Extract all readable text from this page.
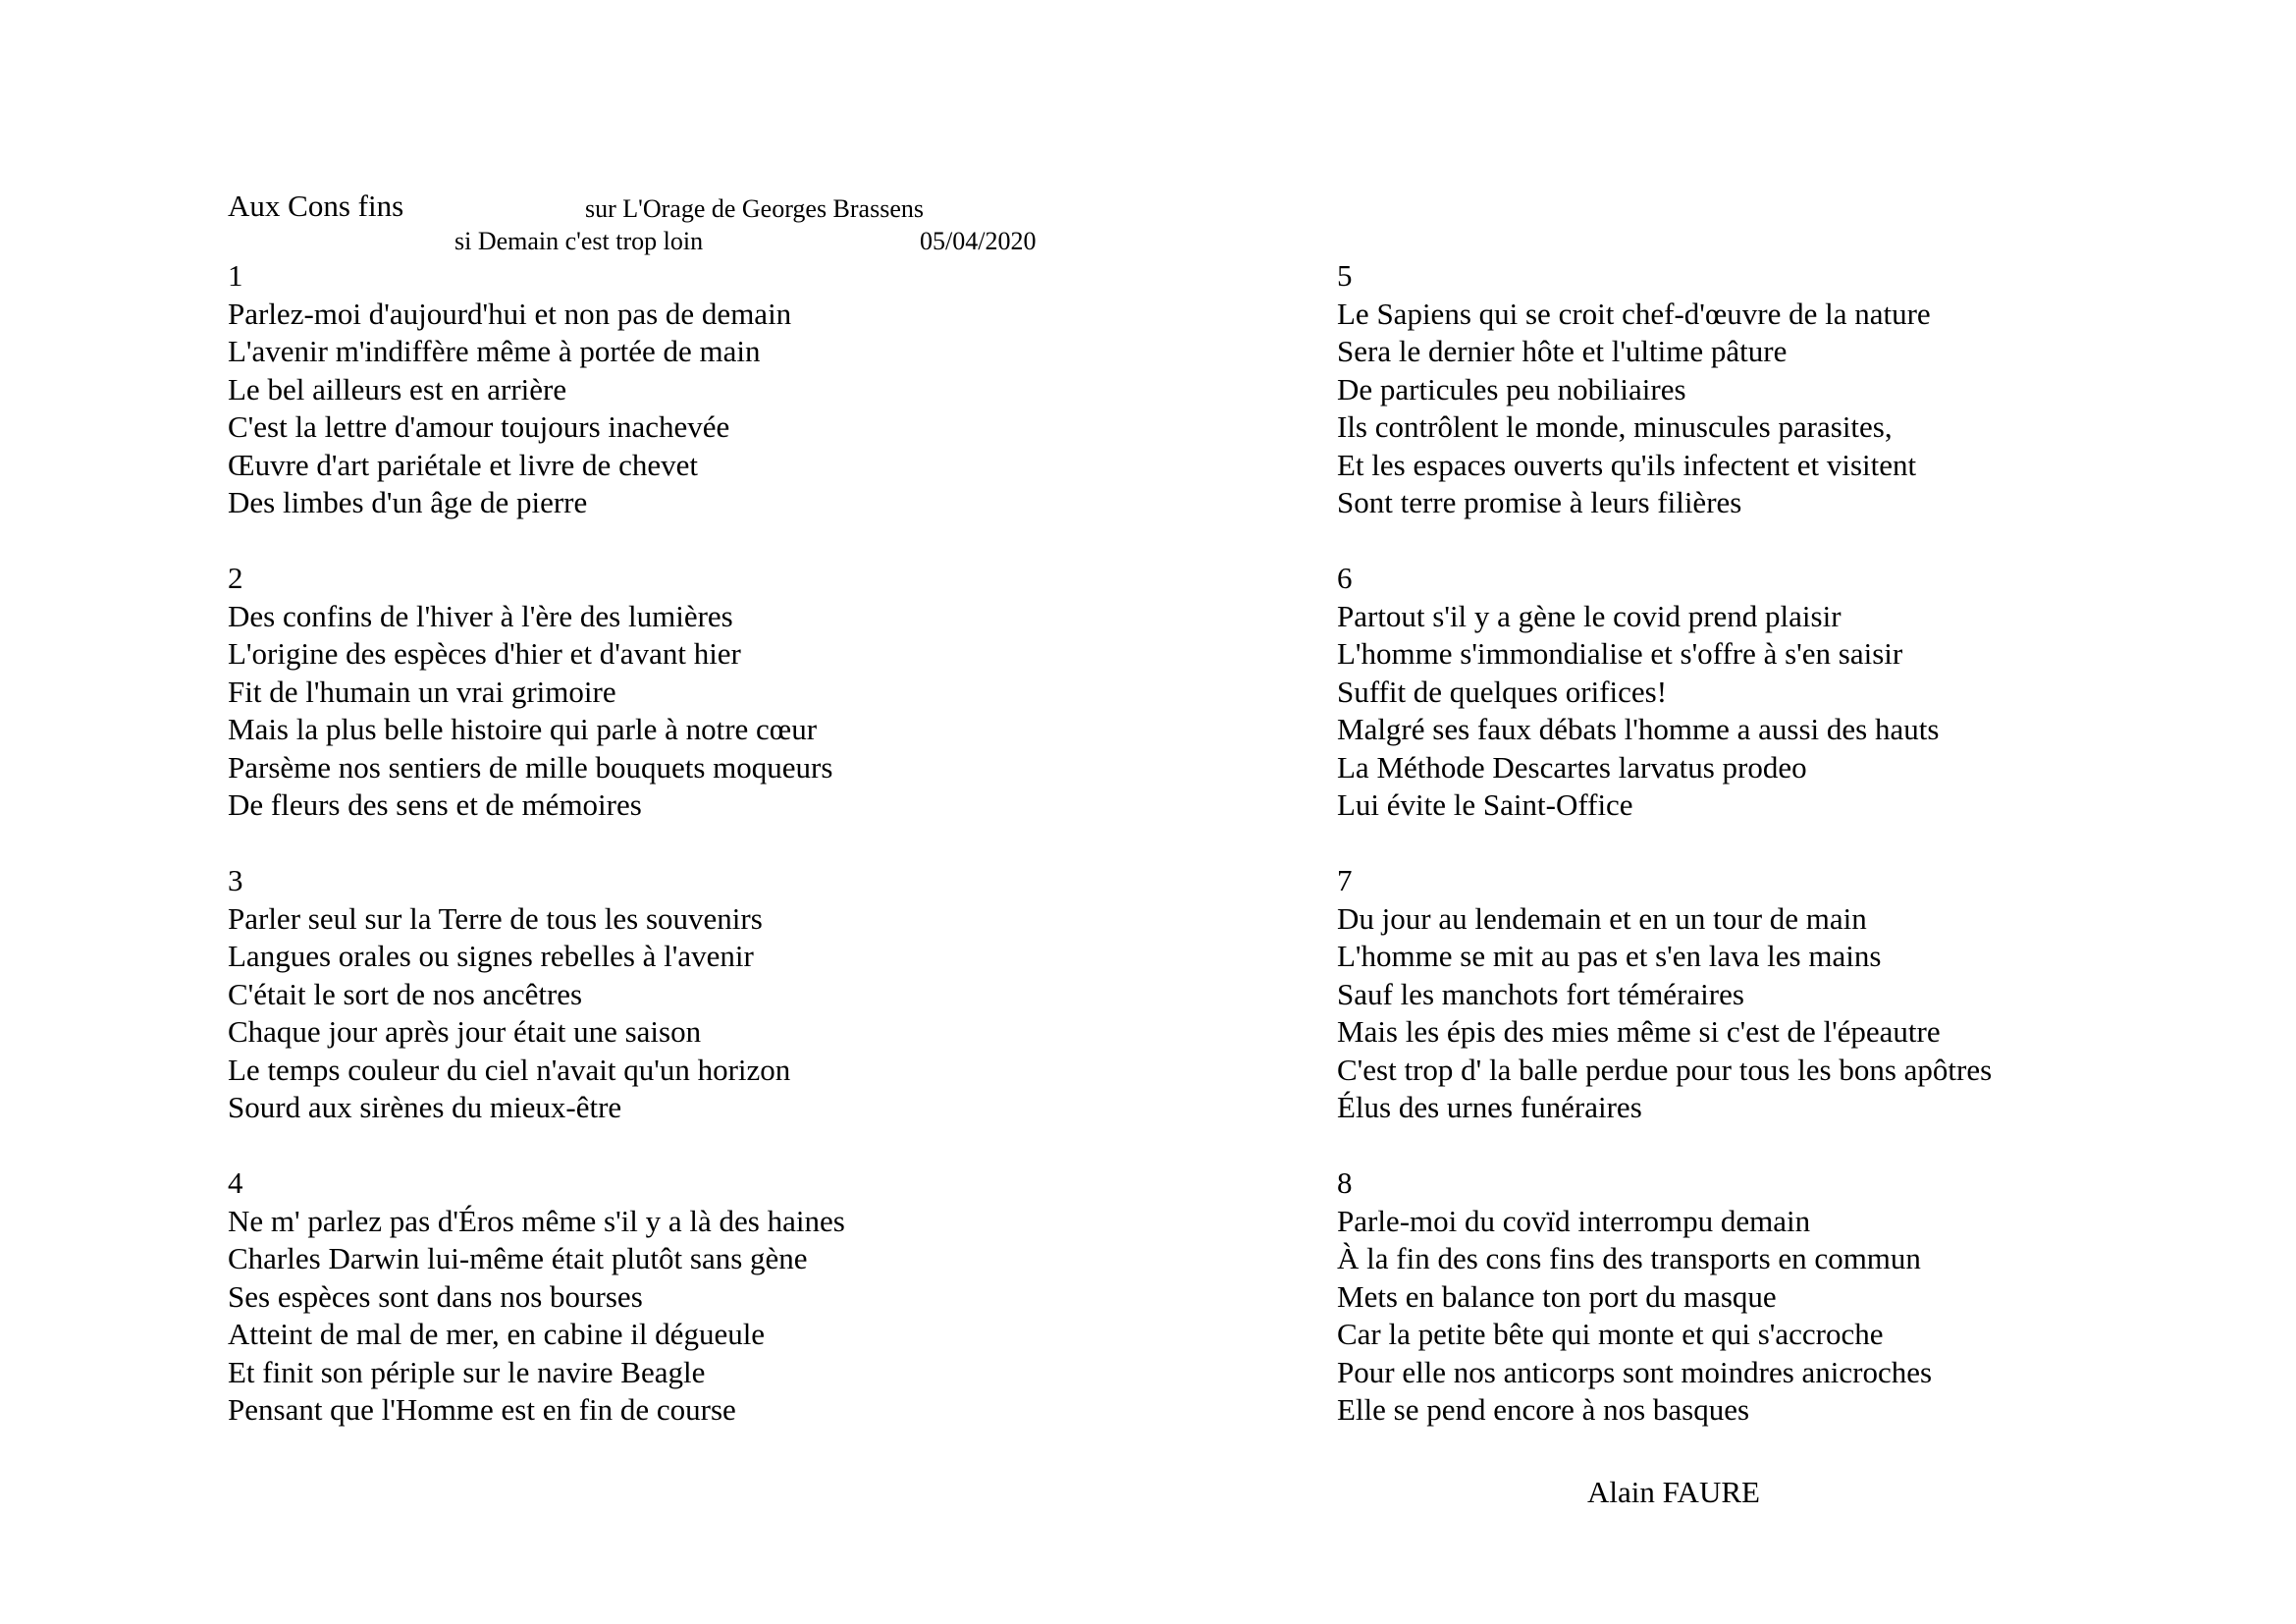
Aux Cons fins	sur L'Orage de Georges Brassens
si Demain c'est trop loin	05/04/2020
1
Parlez-moi d'aujourd'hui et non pas de demain
L'avenir m'indiffère même à portée de main
Le bel ailleurs est en arrière
C'est la lettre d'amour toujours inachevée
Œuvre d'art pariétale et livre de chevet
Des limbes d'un âge de pierre
2
Des confins de l'hiver à l'ère des lumières
L'origine des espèces d'hier et d'avant hier
Fit de l'humain un vrai grimoire
Mais la plus belle histoire qui parle à notre cœur
Parsème nos sentiers de mille bouquets moqueurs
De fleurs des sens et de mémoires
3
Parler seul sur la Terre de tous les souvenirs
Langues orales ou signes rebelles à l'avenir
C'était le sort de nos ancêtres
Chaque jour après jour était une saison
Le temps couleur du ciel n'avait qu'un horizon
Sourd aux sirènes du mieux-être
4
Ne m' parlez pas d'Éros même s'il y a là des haines
Charles Darwin lui-même était plutôt sans gène
Ses espèces sont dans nos bourses
Atteint de mal de mer, en cabine il dégueule
Et finit son périple sur le navire Beagle
Pensant que l'Homme est en fin de course
5
Le Sapiens qui se croit chef-d'œuvre de la nature
Sera le dernier hôte et l'ultime pâture
De particules peu nobiliaires
Ils contrôlent le monde, minuscules parasites,
Et les espaces ouverts qu'ils infectent et visitent
Sont terre promise à leurs filières
6
Partout s'il y a gène le covid prend plaisir
L'homme s'immondialise et s'offre à s'en saisir
Suffit de quelques orifices!
Malgré ses faux débats l'homme a aussi des hauts
La Méthode Descartes larvatus prodeo
Lui évite le Saint-Office
7
Du jour au lendemain et en un tour de main
L'homme se mit au pas et s'en lava les mains
Sauf les manchots fort téméraires
Mais les épis des mies même si c'est de l'épeautre
C'est trop d' la balle perdue pour tous les bons apôtres
Élus des urnes funéraires
8
Parle-moi du covïd interrompu demain
À la fin des cons fins des transports en commun
Mets en balance ton port du masque
Car la petite bête qui monte et qui s'accroche
Pour elle nos anticorps sont moindres anicroches
Elle se pend encore à nos basques
Alain FAURE
